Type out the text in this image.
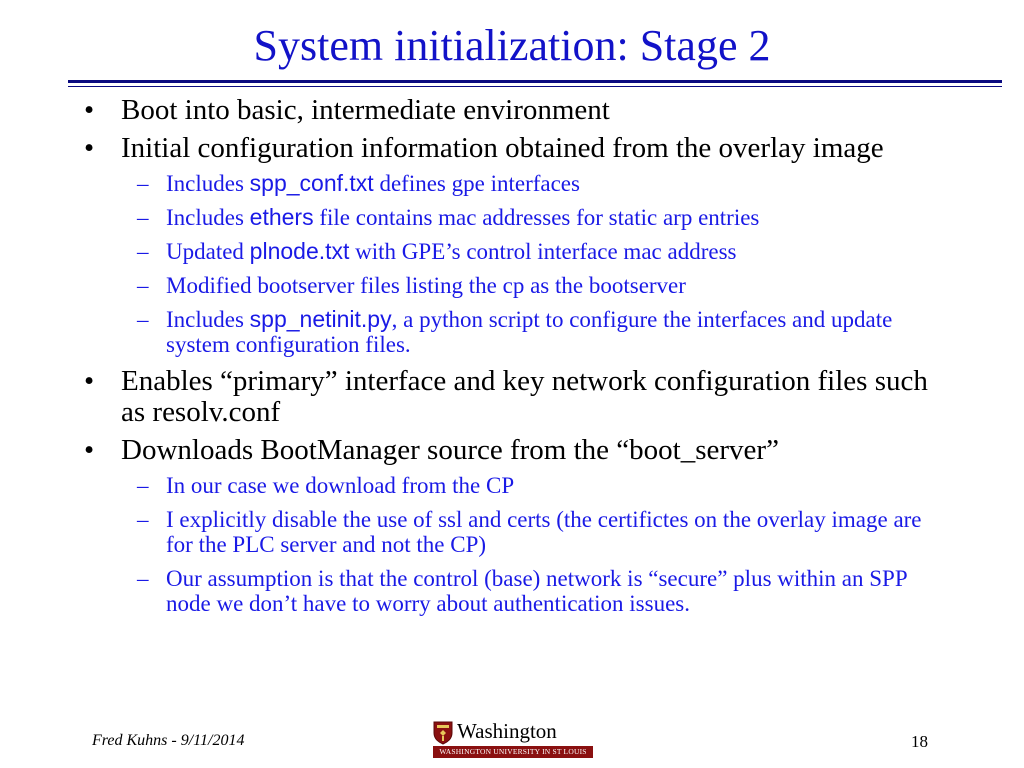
System initialization: Stage 2
• Boot into basic, intermediate environment
• Initial configuration information obtained from the overlay image
– Includes spp_conf.txt defines gpe interfaces
– Includes ethers file contains mac addresses for static arp entries
– Updated plnode.txt with GPE’s control interface mac address
– Modified bootserver files listing the cp as the bootserver
– Includes spp_netinit.py, a python script to configure the interfaces and update system configuration files.
• Enables “primary” interface and key network configuration files such as resolv.conf
• Downloads BootManager source from the “boot_server”
– In our case we download from the CP
– I explicitly disable the use of ssl and certs (the certifictes on the overlay image are for the PLC server and not the CP)
– Our assumption is that the control (base) network is “secure” plus within an SPP node we don’t have to worry about authentication issues.
Fred Kuhns - 9/11/2014	Washington
WASHINGTON UNIVERSITY IN ST LOUIS
18
